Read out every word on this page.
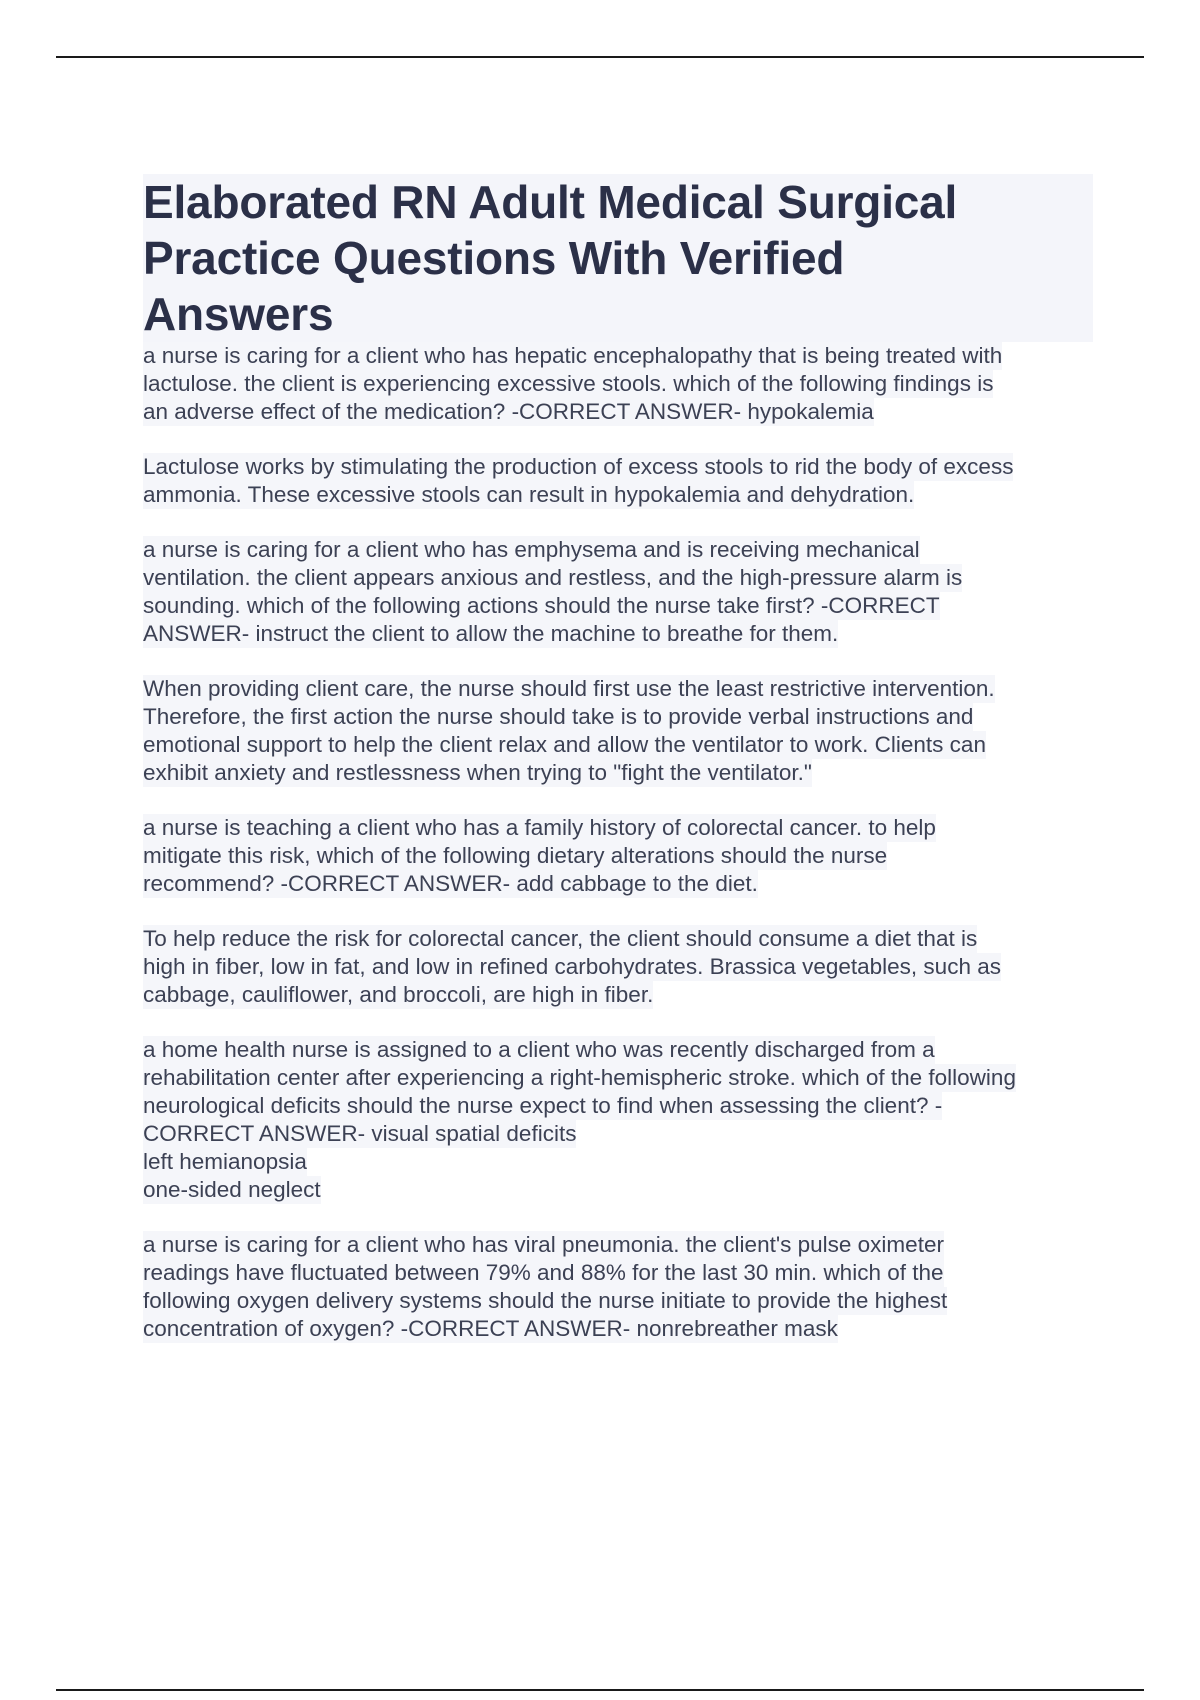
Elaborated RN Adult Medical Surgical
Practice Questions With Verified
Answers
a nurse is caring for a client who has hepatic encephalopathy that is being treated with
lactulose. the client is experiencing excessive stools. which of the following findings is
an adverse effect of the medication? -CORRECT ANSWER- hypokalemia
Lactulose works by stimulating the production of excess stools to rid the body of excess
ammonia. These excessive stools can result in hypokalemia and dehydration.
a nurse is caring for a client who has emphysema and is receiving mechanical
ventilation. the client appears anxious and restless, and the high-pressure alarm is
sounding. which of the following actions should the nurse take first? -CORRECT
ANSWER- instruct the client to allow the machine to breathe for them.
When providing client care, the nurse should first use the least restrictive intervention.
Therefore, the first action the nurse should take is to provide verbal instructions and
emotional support to help the client relax and allow the ventilator to work. Clients can
exhibit anxiety and restlessness when trying to "fight the ventilator."
a nurse is teaching a client who has a family history of colorectal cancer. to help
mitigate this risk, which of the following dietary alterations should the nurse
recommend? -CORRECT ANSWER- add cabbage to the diet.
To help reduce the risk for colorectal cancer, the client should consume a diet that is
high in fiber, low in fat, and low in refined carbohydrates. Brassica vegetables, such as
cabbage, cauliflower, and broccoli, are high in fiber.
a home health nurse is assigned to a client who was recently discharged from a
rehabilitation center after experiencing a right-hemispheric stroke. which of the following
neurological deficits should the nurse expect to find when assessing the client? -
CORRECT ANSWER- visual spatial deficits
left hemianopsia
one-sided neglect
a nurse is caring for a client who has viral pneumonia. the client's pulse oximeter
readings have fluctuated between 79% and 88% for the last 30 min. which of the
following oxygen delivery systems should the nurse initiate to provide the highest
concentration of oxygen? -CORRECT ANSWER- nonrebreather mask
